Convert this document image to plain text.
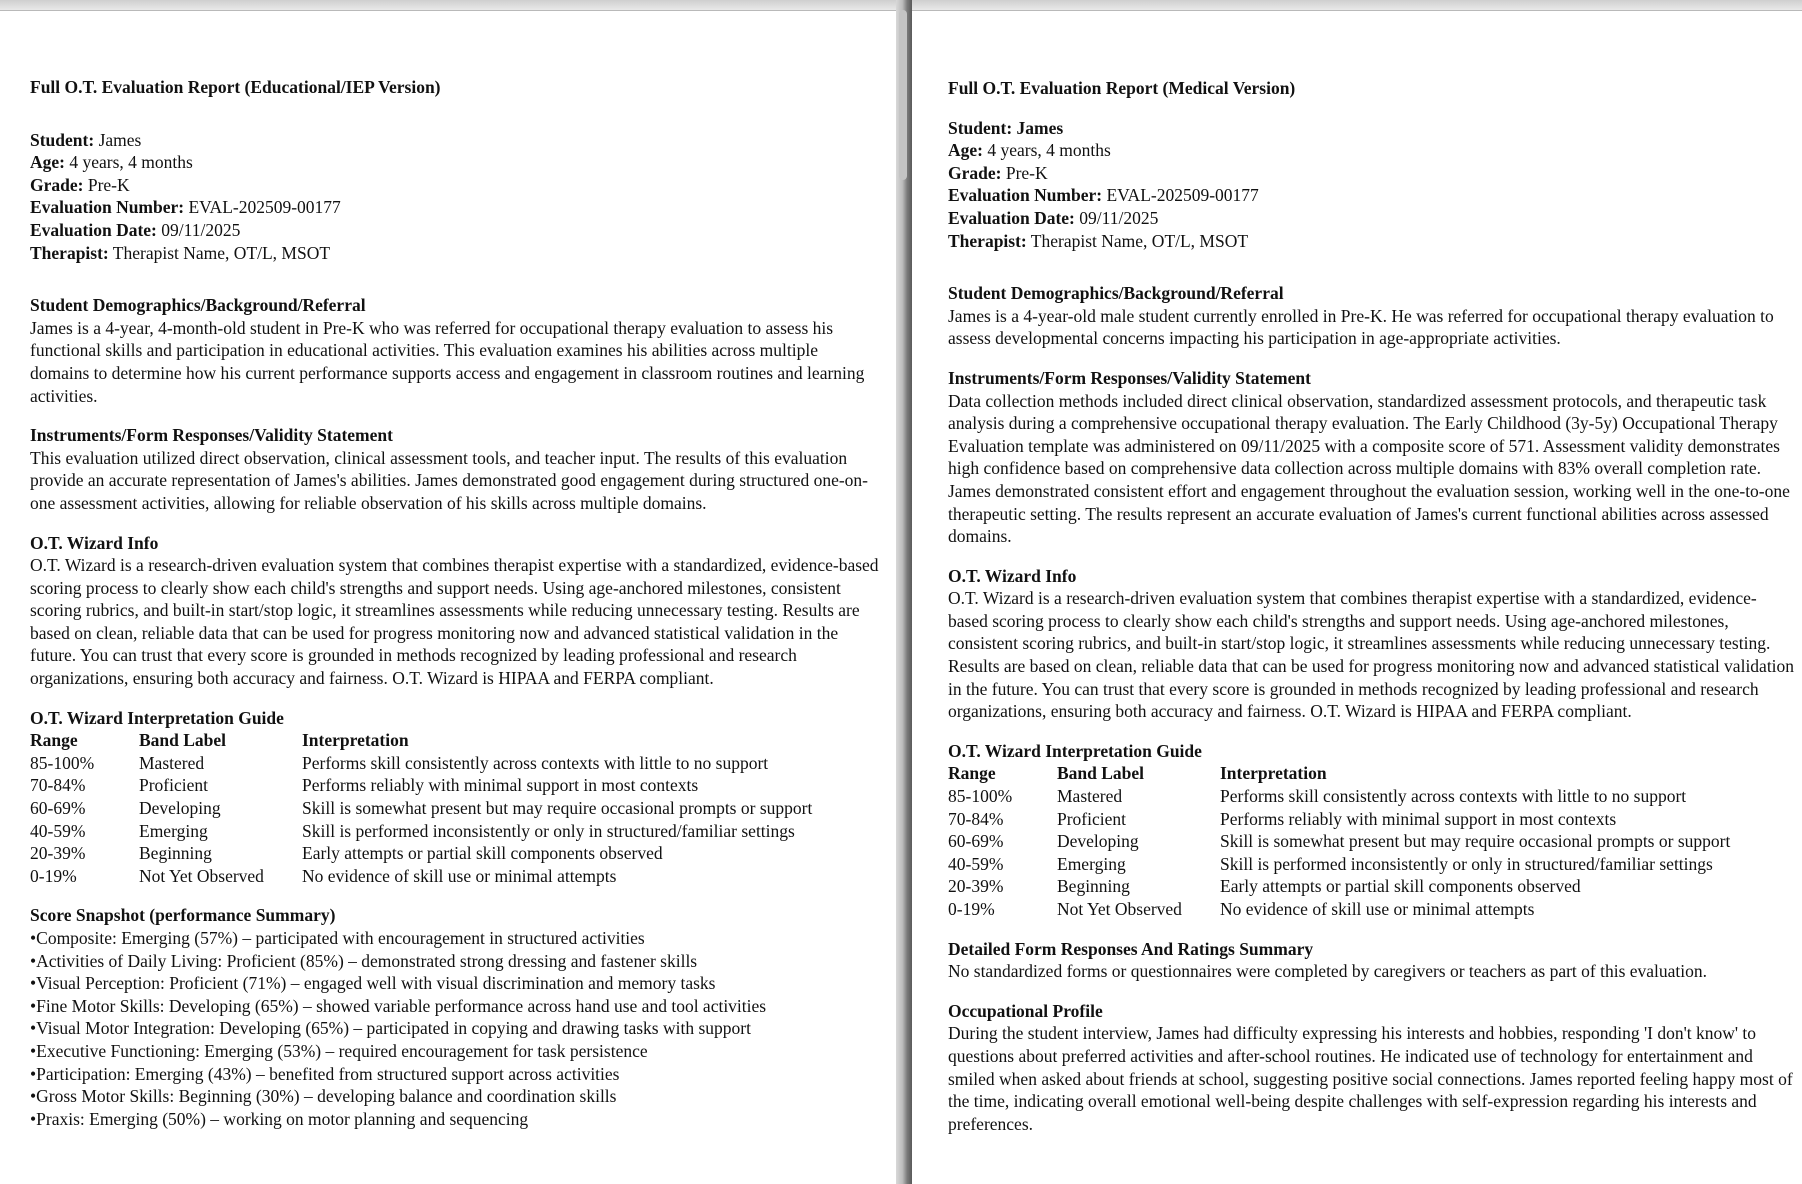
Full O.T. Evaluation Report (Educational/IEP Version)

Student: James
Age: 4 years, 4 months
Grade: Pre-K
Evaluation Number: EVAL-202509-00177
Evaluation Date: 09/11/2025
Therapist: Therapist Name, OT/L, MSOT

Student Demographics/Background/Referral

James is a 4-year, 4-month-old student in Pre-K who was referred for occupational therapy evaluation to assess his functional skills and participation in educational activities. This evaluation examines his abilities across multiple domains to determine how his current performance supports access and engagement in classroom routines and learning activities.

Instruments/Form Responses/Validity Statement

This evaluation utilized direct observation, clinical assessment tools, and teacher input. The results of this evaluation provide an accurate representation of James's abilities. James demonstrated good engagement during structured one-on-one assessment activities, allowing for reliable observation of his skills across multiple domains.

O.T. Wizard Info

O.T. Wizard is a research-driven evaluation system that combines therapist expertise with a standardized, evidence-based scoring process to clearly show each child's strengths and support needs. Using age-anchored milestones, consistent scoring rubrics, and built-in start/stop logic, it streamlines assessments while reducing unnecessary testing. Results are based on clean, reliable data that can be used for progress monitoring now and advanced statistical validation in the future. You can trust that every score is grounded in methods recognized by leading professional and research organizations, ensuring both accuracy and fairness. O.T. Wizard is HIPAA and FERPA compliant.

O.T. Wizard Interpretation Guide

Range	Band Label	Interpretation
85-100%	Mastered	Performs skill consistently across contexts with little to no support
70-84%	Proficient	Performs reliably with minimal support in most contexts
60-69%	Developing	Skill is somewhat present but may require occasional prompts or support
40-59%	Emerging	Skill is performed inconsistently or only in structured/familiar settings
20-39%	Beginning	Early attempts or partial skill components observed
0-19%	Not Yet Observed	No evidence of skill use or minimal attempts

Score Snapshot (performance Summary)

• Composite: Emerging (57%) – participated with encouragement in structured activities
• Activities of Daily Living: Proficient (85%) – demonstrated strong dressing and fastener skills
• Visual Perception: Proficient (71%) – engaged well with visual discrimination and memory tasks
• Fine Motor Skills: Developing (65%) – showed variable performance across hand use and tool activities
• Visual Motor Integration: Developing (65%) – participated in copying and drawing tasks with support
• Executive Functioning: Emerging (53%) – required encouragement for task persistence
• Participation: Emerging (43%) – benefited from structured support across activities
• Gross Motor Skills: Beginning (30%) – developing balance and coordination skills
• Praxis: Emerging (50%) – working on motor planning and sequencing

Full O.T. Evaluation Report (Medical Version)

Student: James
Age: 4 years, 4 months
Grade: Pre-K
Evaluation Number: EVAL-202509-00177
Evaluation Date: 09/11/2025
Therapist: Therapist Name, OT/L, MSOT

Student Demographics/Background/Referral

James is a 4-year-old male student currently enrolled in Pre-K. He was referred for occupational therapy evaluation to assess developmental concerns impacting his participation in age-appropriate activities.

Instruments/Form Responses/Validity Statement

Data collection methods included direct clinical observation, standardized assessment protocols, and therapeutic task analysis during a comprehensive occupational therapy evaluation. The Early Childhood (3y-5y) Occupational Therapy Evaluation template was administered on 09/11/2025 with a composite score of 571. Assessment validity demonstrates high confidence based on comprehensive data collection across multiple domains with 83% overall completion rate. James demonstrated consistent effort and engagement throughout the evaluation session, working well in the one-to-one therapeutic setting. The results represent an accurate evaluation of James's current functional abilities across assessed domains.

O.T. Wizard Info

O.T. Wizard is a research-driven evaluation system that combines therapist expertise with a standardized, evidence-based scoring process to clearly show each child's strengths and support needs. Using age-anchored milestones, consistent scoring rubrics, and built-in start/stop logic, it streamlines assessments while reducing unnecessary testing. Results are based on clean, reliable data that can be used for progress monitoring now and advanced statistical validation in the future. You can trust that every score is grounded in methods recognized by leading professional and research organizations, ensuring both accuracy and fairness. O.T. Wizard is HIPAA and FERPA compliant.

O.T. Wizard Interpretation Guide

Range	Band Label	Interpretation
85-100%	Mastered	Performs skill consistently across contexts with little to no support
70-84%	Proficient	Performs reliably with minimal support in most contexts
60-69%	Developing	Skill is somewhat present but may require occasional prompts or support
40-59%	Emerging	Skill is performed inconsistently or only in structured/familiar settings
20-39%	Beginning	Early attempts or partial skill components observed
0-19%	Not Yet Observed	No evidence of skill use or minimal attempts

Detailed Form Responses And Ratings Summary

No standardized forms or questionnaires were completed by caregivers or teachers as part of this evaluation.

Occupational Profile

During the student interview, James had difficulty expressing his interests and hobbies, responding 'I don't know' to questions about preferred activities and after-school routines. He indicated use of technology for entertainment and smiled when asked about friends at school, suggesting positive social connections. James reported feeling happy most of the time, indicating overall emotional well-being despite challenges with self-expression regarding his interests and preferences.
